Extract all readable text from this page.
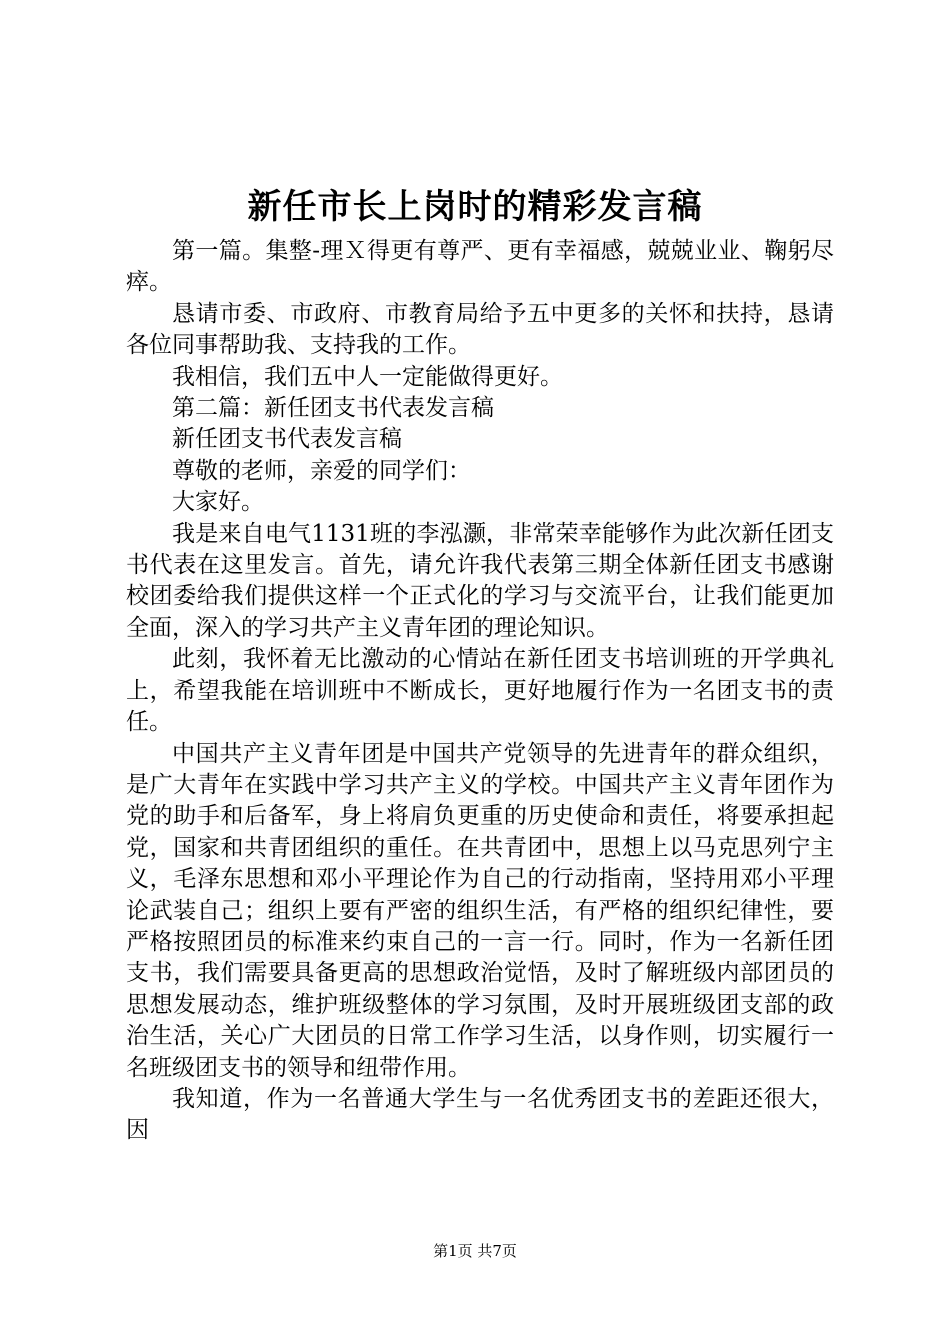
新任市长上岗时的精彩发言稿

第一篇。集整-理Ｘ得更有尊严、更有幸福感，兢兢业业、鞠躬尽瘁。

恳请市委、市政府、市教育局给予五中更多的关怀和扶持，恳请各位同事帮助我、支持我的工作。

我相信，我们五中人一定能做得更好。

第二篇：新任团支书代表发言稿

新任团支书代表发言稿

尊敬的老师，亲爱的同学们：

大家好。

我是来自电气1131班的李泓灏，非常荣幸能够作为此次新任团支书代表在这里发言。首先，请允许我代表第三期全体新任团支书感谢校团委给我们提供这样一个正式化的学习与交流平台，让我们能更加全面，深入的学习共产主义青年团的理论知识。

此刻，我怀着无比激动的心情站在新任团支书培训班的开学典礼上，希望我能在培训班中不断成长，更好地履行作为一名团支书的责任。

中国共产主义青年团是中国共产党领导的先进青年的群众组织，是广大青年在实践中学习共产主义的学校。中国共产主义青年团作为党的助手和后备军，身上将肩负更重的历史使命和责任，将要承担起党，国家和共青团组织的重任。在共青团中，思想上以马克思列宁主义，毛泽东思想和邓小平理论作为自己的行动指南，坚持用邓小平理论武装自己；组织上要有严密的组织生活，有严格的组织纪律性，要严格按照团员的标准来约束自己的一言一行。同时，作为一名新任团支书，我们需要具备更高的思想政治觉悟，及时了解班级内部团员的思想发展动态，维护班级整体的学习氛围，及时开展班级团支部的政治生活，关心广大团员的日常工作学习生活，以身作则，切实履行一名班级团支书的领导和纽带作用。

我知道，作为一名普通大学生与一名优秀团支书的差距还很大，因

第1页 共7页
